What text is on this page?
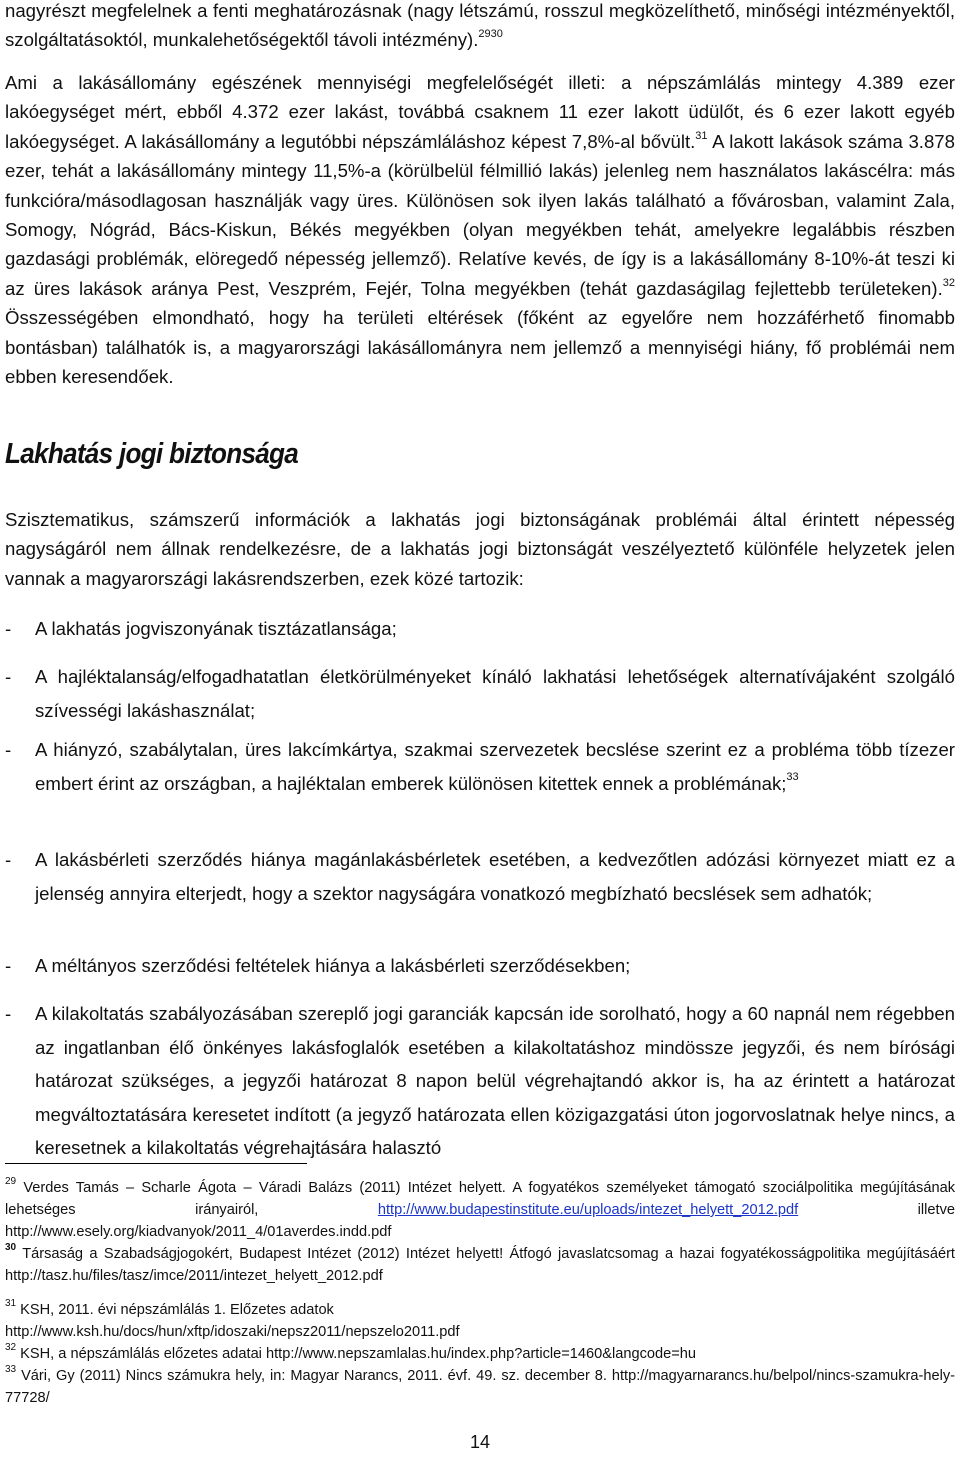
nagyrészt megfelelnek a fenti meghatározásnak (nagy létszámú, rosszul megközelíthető, minőségi intézményektől, szolgáltatásoktól, munkalehetőségektől távoli intézmény).$^{2930}$

Ami a lakásállomány egészének mennyiségi megfelelőségét illeti: a népszámlálás mintegy 4.389 ezer lakóegységet mért, ebből 4.372 ezer lakást, továbbá csaknem 11 ezer lakott üdülőt, és 6 ezer lakott egyéb lakóegységet. A lakásállomány a legutóbbi népszámláláshoz képest 7,8%-al bővült.$^{31}$ A lakott lakások száma 3.878 ezer, tehát a lakásállomány mintegy 11,5%-a (körülbelül félmillió lakás) jelenleg nem használatos lakáscélra: más funkcióra/másodlagosan használják vagy üres. Különösen sok ilyen lakás található a fővárosban, valamint Zala, Somogy, Nógrád, Bács-Kiskun, Békés megyékben (olyan megyékben tehát, amelyekre legalábbis részben gazdasági problémák, elöregedő népesség jellemző). Relatíve kevés, de így is a lakásállomány 8-10%-át teszi ki az üres lakások aránya Pest, Veszprém, Fejér, Tolna megyékben (tehát gazdaságilag fejlettebb területeken).$^{32}$ Összességében elmondható, hogy ha területi eltérések (főként az egyelőre nem hozzáférhető finomabb bontásban) találhatók is, a magyarországi lakásállományra nem jellemző a mennyiségi hiány, fő problémái nem ebben keresendőek.

Lakhatás jogi biztonsága

Szisztematikus, számszerű információk a lakhatás jogi biztonságának problémái által érintett népesség nagyságáról nem állnak rendelkezésre, de a lakhatás jogi biztonságát veszélyeztető különféle helyzetek jelen vannak a magyarországi lakásrendszerben, ezek közé tartozik:

- A lakhatás jogviszonyának tisztázatlansága;
- A hajléktalanság/elfogadhatatlan életkörülményeket kínáló lakhatási lehetőségek alternatívájaként szolgáló szívességi lakáshasználat;
- A hiányzó, szabálytalan, üres lakcímkártya, szakmai szervezetek becslése szerint ez a probléma több tízezer embert érint az országban, a hajléktalan emberek különösen kitettek ennek a problémának;$^{33}$
- A lakásbérleti szerződés hiánya magánlakásbérletek esetében, a kedvezőtlen adózási környezet miatt ez a jelenség annyira elterjedt, hogy a szektor nagyságára vonatkozó megbízható becslések sem adhatók;
- A méltányos szerződési feltételek hiánya a lakásbérleti szerződésekben;
- A kilakoltatás szabályozásában szereplő jogi garanciák kapcsán ide sorolható, hogy a 60 napnál nem régebben az ingatlanban élő önkényes lakásfoglalók esetében a kilakoltatáshoz mindössze jegyzői, és nem bírósági határozat szükséges, a jegyzői határozat 8 napon belül végrehajtandó akkor is, ha az érintett a határozat megváltoztatására keresetet indított (a jegyző határozata ellen közigazgatási úton jogorvoslatnak helye nincs, a keresetnek a kilakoltatás végrehajtására halasztó

$^{29}$ Verdes Tamás – Scharle Ágota – Váradi Balázs (2011) Intézet helyett. A fogyatékos személyeket támogató szociálpolitika megújításának lehetséges irányairól, http://www.budapestinstitute.eu/uploads/intezet_helyett_2012.pdf illetve http://www.esely.org/kiadvanyok/2011_4/01averdes.indd.pdf

$^{30}$ Társaság a Szabadságjogokért, Budapest Intézet (2012) Intézet helyett! Átfogó javaslatcsomag a hazai fogyatékosságpolitika megújításáért http://tasz.hu/files/tasz/imce/2011/intezet_helyett_2012.pdf

$^{31}$ KSH, 2011. évi népszámlálás 1. Előzetes adatok
http://www.ksh.hu/docs/hun/xftp/idoszaki/nepsz2011/nepszelo2011.pdf

$^{32}$ KSH, a népszámlálás előzetes adatai http://www.nepszamlalas.hu/index.php?article=1460&langcode=hu

$^{33}$ Vári, Gy (2011) Nincs számukra hely, in: Magyar Narancs, 2011. évf. 49. sz. december 8. http://magyarnarancs.hu/belpol/nincs-szamukra-hely-77728/

14
